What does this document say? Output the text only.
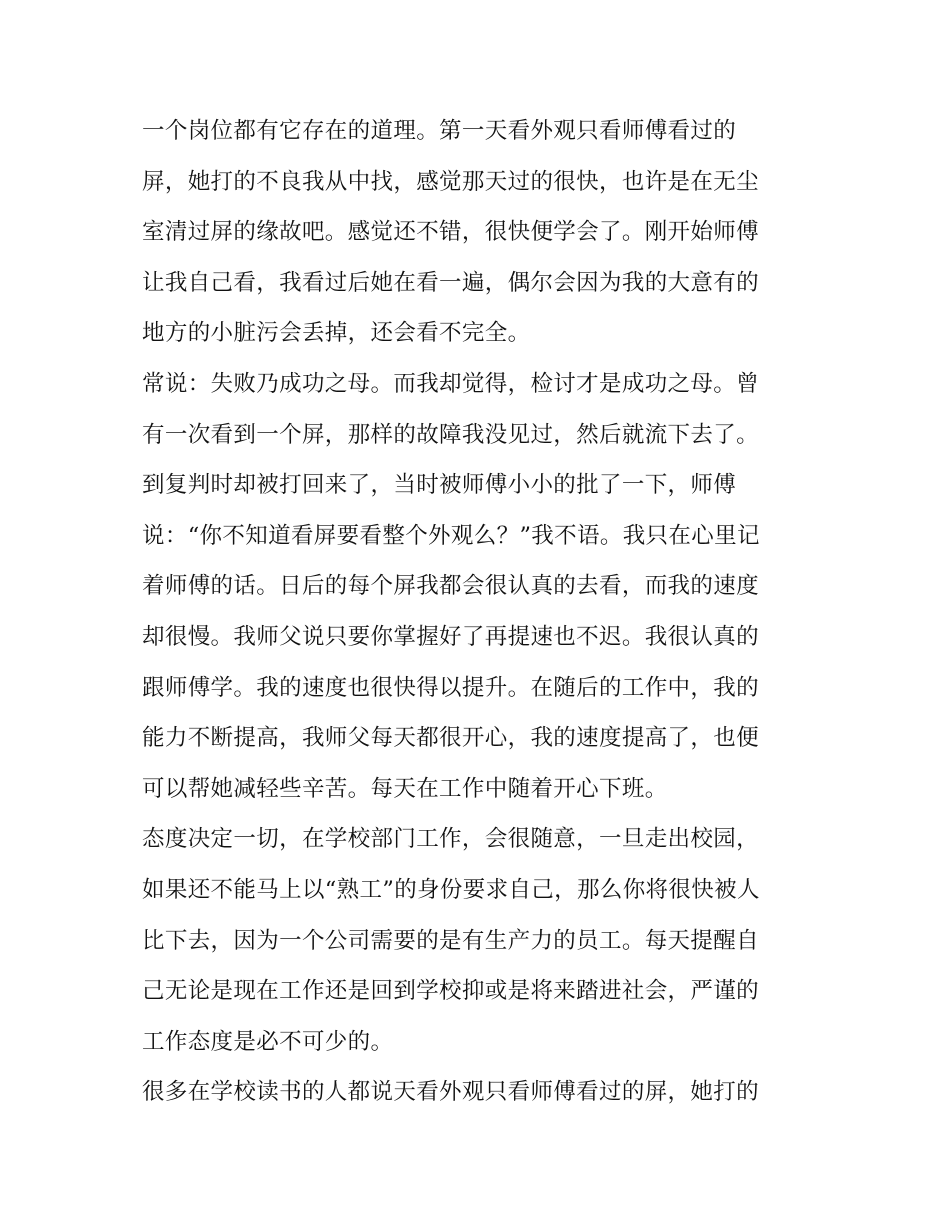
一个岗位都有它存在的道理。第一天看外观只看师傅看过的
屏，她打的不良我从中找，感觉那天过的很快，也许是在无尘
室清过屏的缘故吧。感觉还不错，很快便学会了。刚开始师傅
让我自己看，我看过后她在看一遍，偶尔会因为我的大意有的
地方的小脏污会丢掉，还会看不完全。
常说：失败乃成功之母。而我却觉得，检讨才是成功之母。曾
有一次看到一个屏，那样的故障我没见过，然后就流下去了。
到复判时却被打回来了，当时被师傅小小的批了一下，师傅
说：“你不知道看屏要看整个外观么？”我不语。我只在心里记
着师傅的话。日后的每个屏我都会很认真的去看，而我的速度
却很慢。我师父说只要你掌握好了再提速也不迟。我很认真的
跟师傅学。我的速度也很快得以提升。在随后的工作中，我的
能力不断提高，我师父每天都很开心，我的速度提高了，也便
可以帮她减轻些辛苦。每天在工作中随着开心下班。
态度决定一切，在学校部门工作，会很随意，一旦走出校园，
如果还不能马上以“熟工”的身份要求自己，那么你将很快被人
比下去，因为一个公司需要的是有生产力的员工。每天提醒自
己无论是现在工作还是回到学校抑或是将来踏进社会，严谨的
工作态度是必不可少的。
很多在学校读书的人都说天看外观只看师傅看过的屏，她打的
